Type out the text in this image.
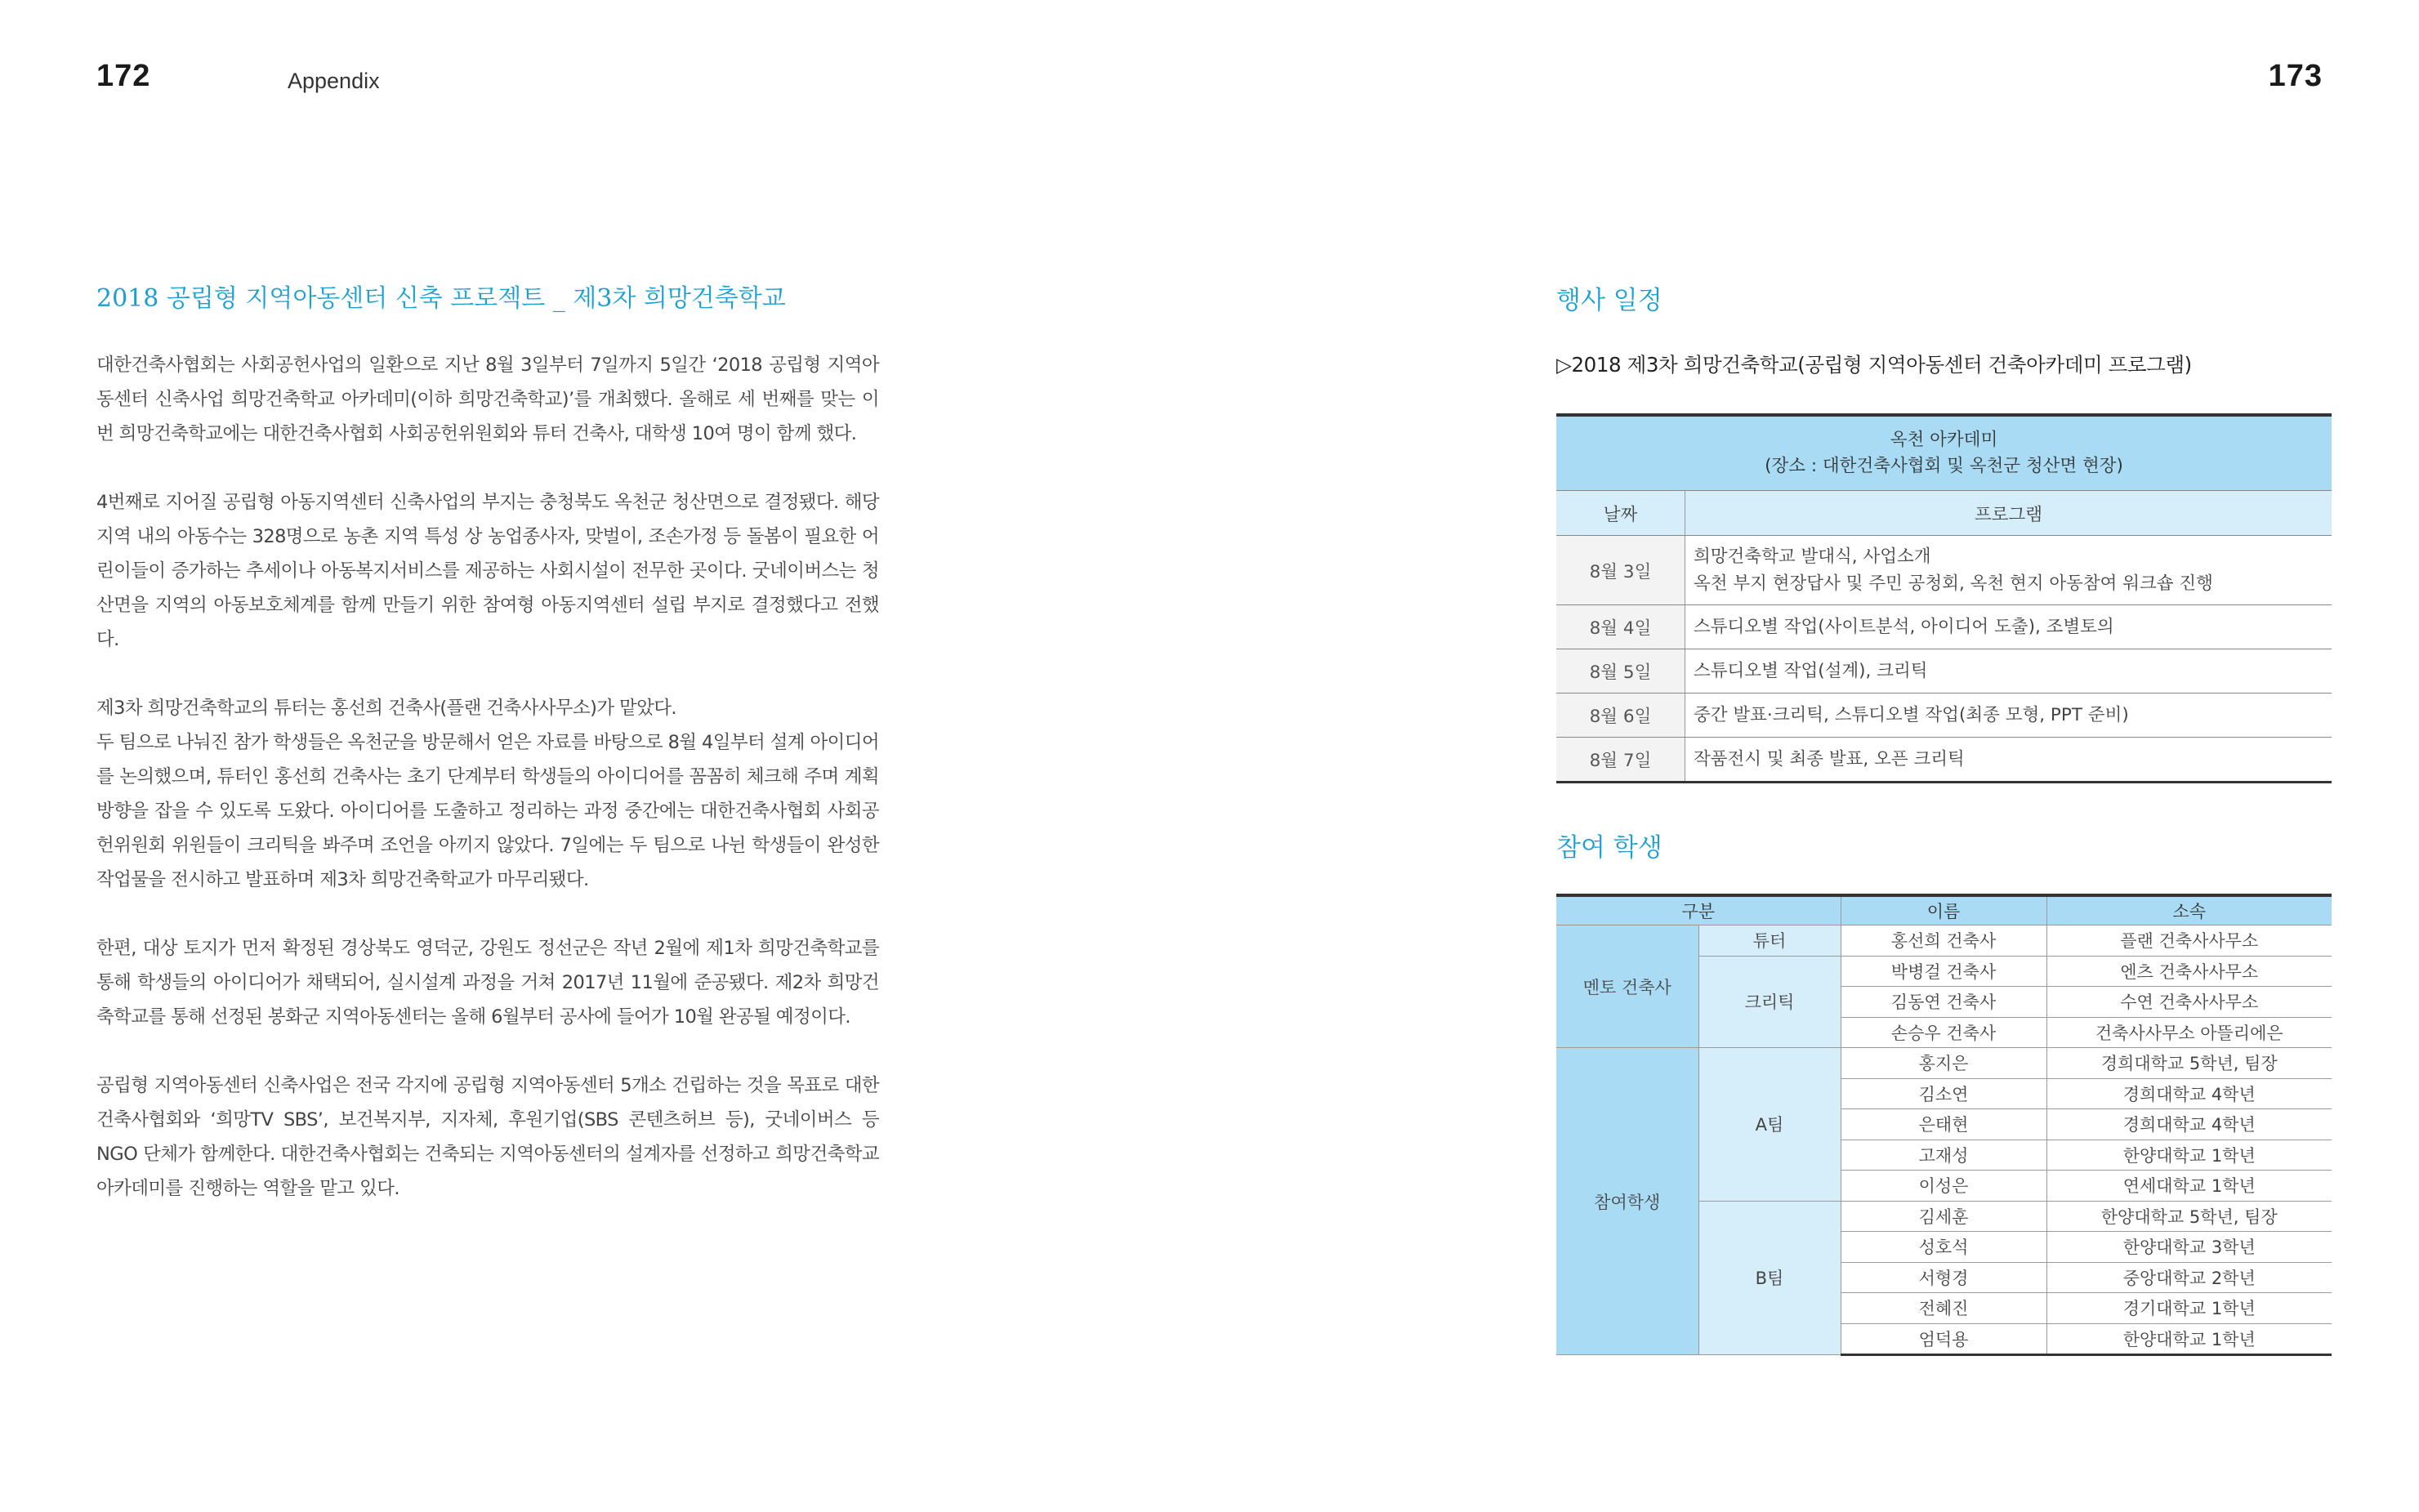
172	Appendix	173
2018 공립형 지역아동센터 신축 프로젝트 _ 제3차 희망건축학교

대한건축사협회는 사회공헌사업의 일환으로 지난 8월 3일부터 7일까지 5일간 ‘2018 공립형 지역아동센터 신축사업 희망건축학교 아카데미(이하 희망건축학교)’를 개최했다. 올해로 세 번째를 맞는 이번 희망건축학교에는 대한건축사협회 사회공헌위원회와 튜터 건축사, 대학생 10여 명이 함께 했다.

4번째로 지어질 공립형 아동지역센터 신축사업의 부지는 충청북도 옥천군 청산면으로 결정됐다. 해당 지역 내의 아동수는 328명으로 농촌 지역 특성 상 농업종사자, 맞벌이, 조손가정 등 돌봄이 필요한 어린이들이 증가하는 추세이나 아동복지서비스를 제공하는 사회시설이 전무한 곳이다. 굿네이버스는 청산면을 지역의 아동보호체계를 함께 만들기 위한 참여형 아동지역센터 설립 부지로 결정했다고 전했다.

제3차 희망건축학교의 튜터는 홍선희 건축사(플랜 건축사사무소)가 맡았다.
두 팀으로 나눠진 참가 학생들은 옥천군을 방문해서 얻은 자료를 바탕으로 8월 4일부터 설계 아이디어를 논의했으며, 튜터인 홍선희 건축사는 초기 단계부터 학생들의 아이디어를 꼼꼼히 체크해 주며 계획 방향을 잡을 수 있도록 도왔다. 아이디어를 도출하고 정리하는 과정 중간에는 대한건축사협회 사회공헌위원회 위원들이 크리틱을 봐주며 조언을 아끼지 않았다. 7일에는 두 팀으로 나뉜 학생들이 완성한 작업물을 전시하고 발표하며 제3차 희망건축학교가 마무리됐다.

한편, 대상 토지가 먼저 확정된 경상북도 영덕군, 강원도 정선군은 작년 2월에 제1차 희망건축학교를 통해 학생들의 아이디어가 채택되어, 실시설계 과정을 거쳐 2017년 11월에 준공됐다. 제2차 희망건축학교를 통해 선정된 봉화군 지역아동센터는 올해 6월부터 공사에 들어가 10월 완공될 예정이다.

공립형 지역아동센터 신축사업은 전국 각지에 공립형 지역아동센터 5개소 건립하는 것을 목표로 대한건축사협회와 ‘희망TV SBS’, 보건복지부, 지자체, 후원기업(SBS 콘텐츠허브 등), 굿네이버스 등 NGO 단체가 함께한다. 대한건축사협회는 건축되는 지역아동센터의 설계자를 선정하고 희망건축학교 아카데미를 진행하는 역할을 맡고 있다.

행사 일정
▷2018 제3차 희망건축학교(공립형 지역아동센터 건축아카데미 프로그램)
옥천 아카데미
(장소 : 대한건축사협회 및 옥천군 청산면 현장)	

날짜	프로그램
8월 3일	희망건축학교 발대식, 사업소개
옥천 부지 현장답사 및 주민 공청회, 옥천 현지 아동참여 워크숍 진행
8월 4일	스튜디오별 작업(사이트분석, 아이디어 도출), 조별토의
8월 5일	스튜디오별 작업(설계), 크리틱
8월 6일	중간 발표·크리틱, 스튜디오별 작업(최종 모형, PPT 준비)
8월 7일	작품전시 및 최종 발표, 오픈 크리틱
참여 학생
구분		이름	소속
멘토 건축사	튜터	홍선희 건축사	플랜 건축사사무소
	크리틱	박병걸 건축사	엔츠 건축사사무소
		김동연 건축사	수연 건축사사무소
		손승우 건축사	건축사사무소 아뜰리에은
참여학생	A팀	홍지은	경희대학교 5학년, 팀장
		김소연	경희대학교 4학년
		은태현	경희대학교 4학년
		고재성	한양대학교 1학년
		이성은	연세대학교 1학년
	B팀	김세훈	한양대학교 5학년, 팀장
		성호석	한양대학교 3학년
		서형경	중앙대학교 2학년
		전혜진	경기대학교 1학년
		엄덕용	한양대학교 1학년
